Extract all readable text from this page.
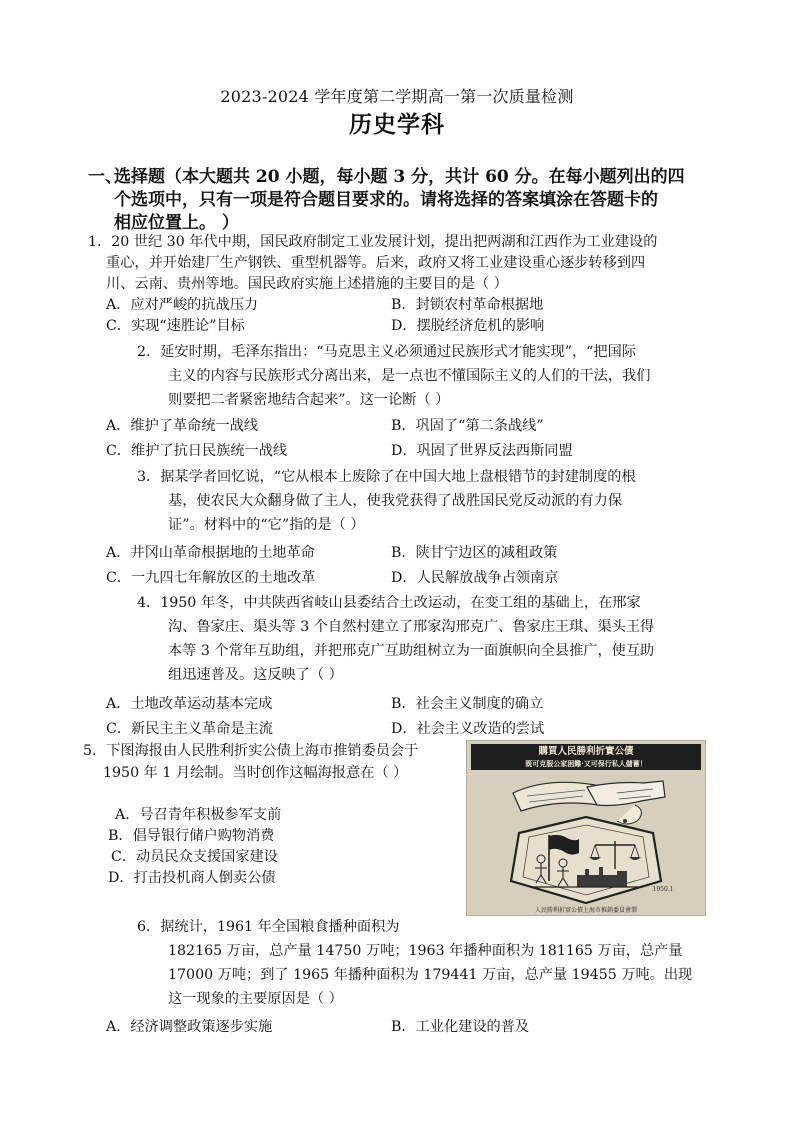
2023-2024 学年度第二学期高一第一次质量检测
历史学科
一、
选择题（本大题共 20 小题，每小题 3 分，共计 60 分。在每小题列出的四
个选项中，只有一项是符合题目要求的。请将选择的答案填涂在答题卡的
相应位置上。 ）
1．20 世纪 30 年代中期，国民政府制定工业发展计划，提出把两湖和江西作为工业建设的
重心，并开始建厂生产钢铁、重型机器等。后来，政府又将工业建设重心逐步转移到四
川、云南、贵州等地。国民政府实施上述措施的主要目的是（ ）
A．应对严峻的抗战压力	B．封锁农村革命根据地
C．实现“速胜论”目标	D．摆脱经济危机的影响
2．延安时期，毛泽东指出：“马克思主义必须通过民族形式才能实现”，“把国际
主义的内容与民族形式分离出来，是一点也不懂国际主义的人们的干法，我们
则要把二者紧密地结合起来”。这一论断（ ）
A．维护了革命统一战线	B．巩固了“第二条战线”
C．维护了抗日民族统一战线	D．巩固了世界反法西斯同盟
3．据某学者回忆说，“它从根本上废除了在中国大地上盘根错节的封建制度的根
基，使农民大众翻身做了主人，使我党获得了战胜国民党反动派的有力保
证”。材料中的“它”指的是（ ）
A．井冈山革命根据地的土地革命	B．陕甘宁边区的减租政策
C．一九四七年解放区的土地改革	D．人民解放战争占领南京
4．1950 年冬，中共陕西省岐山县委结合土改运动，在变工组的基础上，在邢家
沟、鲁家庄、渠头等 3 个自然村建立了邢家沟邢克广、鲁家庄王琪、渠头王得
本等 3 个常年互助组，并把邢克广互助组树立为一面旗帜向全县推广，使互助
组迅速普及。这反映了（ ）
A．土地改革运动基本完成	B．社会主义制度的确立
C．新民主主义革命是主流	D．社会主义改造的尝试
5．下图海报由人民胜利折实公债上海市推销委员会于
1950 年 1 月绘制。当时创作这幅海报意在（ ）
A．号召青年积极参军支前
B．倡导银行储户购物消费
C．动员民众支援国家建设
D．打击投机商人倒卖公债
購買人民勝利折實公債
既可克服公家困難·又可保行私人儲蓄！
1950.1
人民勝利折實公債上海市推銷委員會製
6．据统计，1961 年全国粮食播种面积为
182165 万亩，总产量 14750 万吨；1963 年播种面积为 181165 万亩，总产量
17000 万吨；到了 1965 年播种面积为 179441 万亩，总产量 19455 万吨。出现
这一现象的主要原因是（ ）
A．经济调整政策逐步实施	B．工业化建设的普及
